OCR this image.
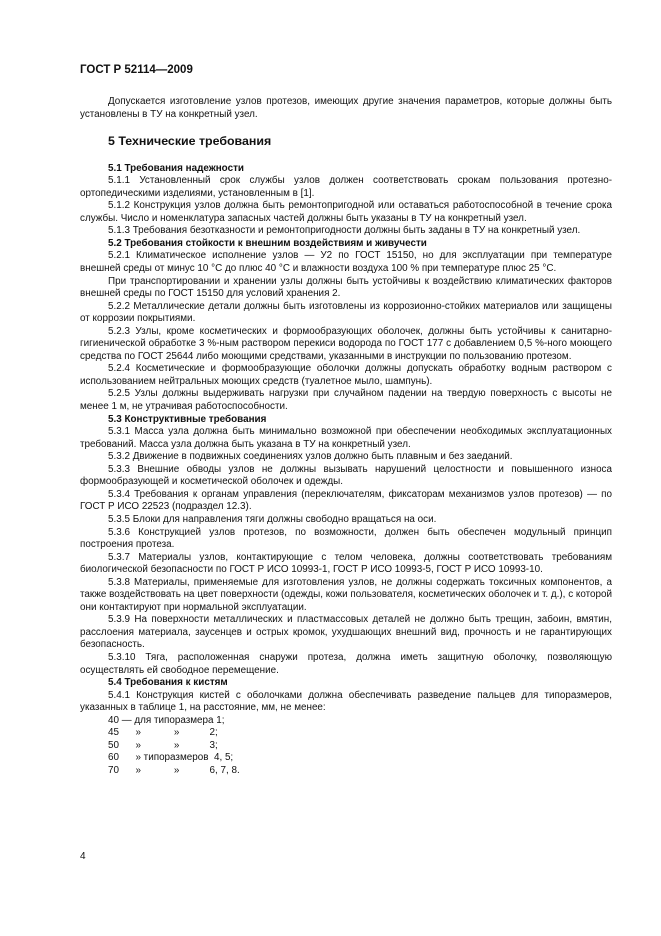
ГОСТ Р 52114—2009

Допускается изготовление узлов протезов, имеющих другие значения параметров, которые должны быть установлены в ТУ на конкретный узел.

5 Технические требования

5.1 Требования надежности

5.1.1 Установленный срок службы узлов должен соответствовать срокам пользования протезно-ортопедическими изделиями, установленным в [1].

5.1.2 Конструкция узлов должна быть ремонтопригодной или оставаться работоспособной в течение срока службы. Число и номенклатура запасных частей должны быть указаны в ТУ на конкретный узел.

5.1.3 Требования безотказности и ремонтопригодности должны быть заданы в ТУ на конкретный узел.

5.2 Требования стойкости к внешним воздействиям и живучести

5.2.1 Климатическое исполнение узлов — У2 по ГОСТ 15150, но для эксплуатации при температуре внешней среды от минус 10 °С до плюс 40 °С и влажности воздуха 100 % при температуре плюс 25 °С.

При транспортировании и хранении узлы должны быть устойчивы к воздействию климатических факторов внешней среды по ГОСТ 15150 для условий хранения 2.

5.2.2 Металлические детали должны быть изготовлены из коррозионно-стойких материалов или защищены от коррозии покрытиями.

5.2.3 Узлы, кроме косметических и формообразующих оболочек, должны быть устойчивы к санитарно-гигиенической обработке 3 %-ным раствором перекиси водорода по ГОСТ 177 с добавлением 0,5 %-ного моющего средства по ГОСТ 25644 либо моющими средствами, указанными в инструкции по пользованию протезом.

5.2.4 Косметические и формообразующие оболочки должны допускать обработку водным раствором с использованием нейтральных моющих средств (туалетное мыло, шампунь).

5.2.5 Узлы должны выдерживать нагрузки при случайном падении на твердую поверхность с высоты не менее 1 м, не утрачивая работоспособности.

5.3 Конструктивные требования

5.3.1 Масса узла должна быть минимально возможной при обеспечении необходимых эксплуатационных требований. Масса узла должна быть указана в ТУ на конкретный узел.

5.3.2 Движение в подвижных соединениях узлов должно быть плавным и без заеданий.

5.3.3 Внешние обводы узлов не должны вызывать нарушений целостности и повышенного износа формообразующей и косметической оболочек и одежды.

5.3.4 Требования к органам управления (переключателям, фиксаторам механизмов узлов протезов) — по ГОСТ Р ИСО 22523 (подраздел 12.3).

5.3.5 Блоки для направления тяги должны свободно вращаться на оси.

5.3.6 Конструкцией узлов протезов, по возможности, должен быть обеспечен модульный принцип построения протеза.

5.3.7 Материалы узлов, контактирующие с телом человека, должны соответствовать требованиям биологической безопасности по ГОСТ Р ИСО 10993-1, ГОСТ Р ИСО 10993-5, ГОСТ Р ИСО 10993-10.

5.3.8 Материалы, применяемые для изготовления узлов, не должны содержать токсичных компонентов, а также воздействовать на цвет поверхности (одежды, кожи пользователя, косметических оболочек и т. д.), с которой они контактируют при нормальной эксплуатации.

5.3.9 На поверхности металлических и пластмассовых деталей не должно быть трещин, забоин, вмятин, расслоения материала, заусенцев и острых кромок, ухудшающих внешний вид, прочность и не гарантирующих безопасность.

5.3.10 Тяга, расположенная снаружи протеза, должна иметь защитную оболочку, позволяющую осуществлять ей свободное перемещение.

5.4 Требования к кистям

5.4.1 Конструкция кистей с оболочками должна обеспечивать разведение пальцев для типоразмеров, указанных в таблице 1, на расстояние, мм, не менее:

40 — для типоразмера 1;

45      »            »           2;

50      »            »           3;

60      » типоразмеров  4, 5;

70      »            »           6, 7, 8.

4
